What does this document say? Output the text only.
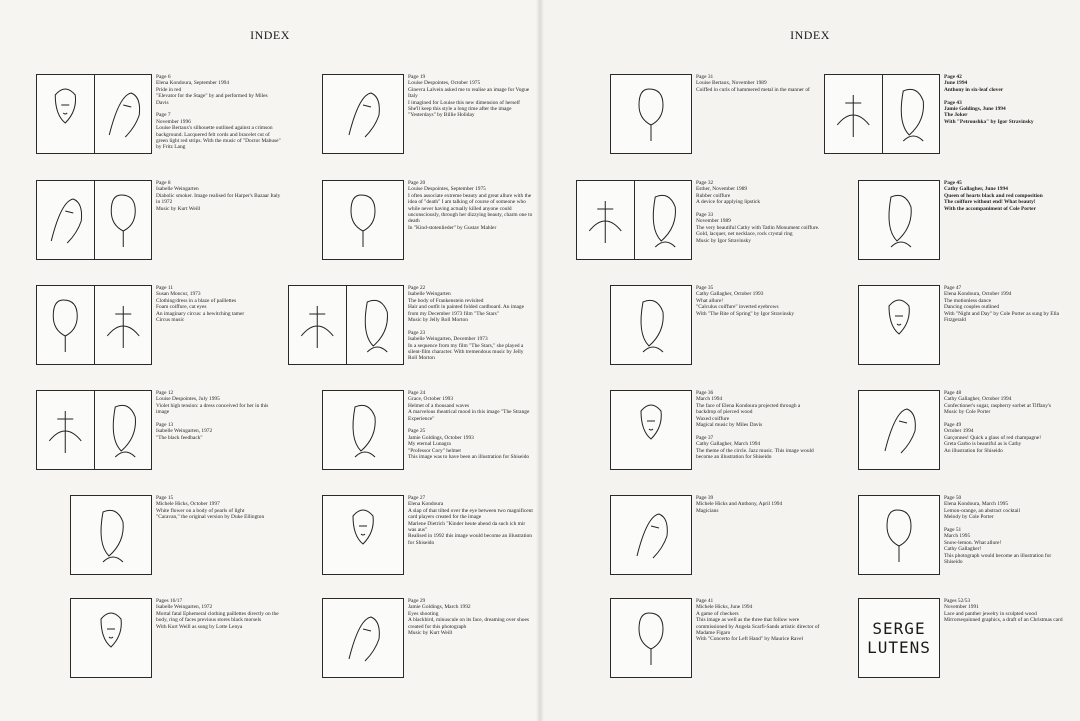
INDEX	INDEX
Page 6
Elena Kondoura, September 1994
Pride in red
"Elevator for the Stage" by and performed by Miles Davis

Page 7
November 1996
Louise Bertaux's silhouette outlined against a crimson background. Lacquered felt cords and bracelet cut of green light red strips. With the music of "Doctor Mabuse" by Fritz Lang
Page 8
Isabelle Weingarten
Diabolic smoker. Image realised for Harper's Bazaar Italy in 1972
Music by Kurt Weill
Page 11
Susan Moncur, 1973
Clothing/dress in a blaze of paillettes
Foam coiffure, cat eyes
An imaginary circus: a bewitching tamer
Circus music
Page 12
Louise Despointes, July 1995
Violet high tension: a dress conceived for her in this image

Page 13
Isabelle Weingarten, 1972
"The black feedback"
Page 15
Michele Hicks, October 1997
White flower on a body of pearls of light
"Caravan," the original version by Duke Ellington
Pages 16/17
Isabelle Weingarten, 1972
Mortal fatal Ephemeral clothing paillettes directly on the body, ring of faces previous stores black morsels
With Kurt Weill as sung by Lotte Lenya
Page 19
Louise Despointes, October 1975
Ginevra Lalvein asked me to realise an image for Vogue Italy
I imagined for Louise this new dimension of herself
She'll keep this style a long time after the image
"Yesterdays" by Billie Holiday
Page 20
Louise Despointes, September 1975
I often associate extreme beauty and great allure with the idea of "death" I am talking of course of someone who while never having actually killed anyone could unconsciously, through her dizzying beauty, charm one to death
In "Kind-stotenlieder" by Gustav Mahler
Page 22
Isabelle Weingarten
The body of Frankenstein revisited
Hair and outfit in painted folded cardboard. An image from my December 1973 film "The Stars"
Music by Jelly Roll Morton

Page 23
Isabelle Weingarten, December 1973
In a sequence from my film "The Stars," she played a silent-film character. With tremendous music by Jelly Roll Morton
Page 24
Grace, October 1993
Helmet of a thousand waves
A marvelous theatrical mood in this image "The Strange Experience"

Page 25
Jamie Goldings, October 1993
My eternal Lunagra
"Professor Cory" helmet
This image was to have been an illustration for Shiseido
Page 27
Elena Kondoura
A slap of that tilted over the eye between two magnificent card players created for the image
Marlene Dietrich "Kinder heute abend da such ich mir was aus"
Realised in 1992 this image would become an illustration for Shiseido
Page 29
Jamie Goldings, March 1992
Eyes shooting
A blackbird, minuscule on its face, dreaming over shoes created for this photograph
Music by Kurt Weill
Page 31
Louise Bertaux, November 1989
Coiffed in curls of hammered metal in the manner of
Page 32
Esther, November 1989
Rubber coiffure
A device for applying lipstick

Page 33
November 1989
The very beautiful Cathy with Tatlin Monument coiffure. Gold, lacquer, net necklace, rock crystal ring
Music by Igor Stravinsky
Page 35
Cathy Gallagher, October 1993
What allure!
"Calculus coiffure" inverted eyebrows
With "The Rite of Spring" by Igor Stravinsky
Page 36
March 1994
The face of Elena Kondoura projected through a backdrop of pierced wood
Waxed coiffure
Magical music by Miles Davis

Page 37
Cathy Gallagher, March 1994
The theme of the circle. Jazz music. This image would become an illustration for Shiseido
Page 39
Michele Hicks and Anthony, April 1994
Magicians
Page 41
Michele Hicks, June 1994
A game of checkers
This image as well as the three that follow were commissioned by Angela Scarfi-Sands artistic director of Madame Figaro
With "Concerto for Left Hand" by Maurice Ravel
Page 42
June 1994
Anthony in six-leaf clover

Page 43
Jamie Goldings, June 1994
The Joker
With "Petroushka" by Igor Stravinsky
Page 45
Cathy Gallagher, June 1994
Queen of hearts black and red composition
The coiffure without end! What beauty!
With the accompaniment of Cole Porter
Page 47
Elena Kondoura, October 1994
The motionless dance
Dancing couples outlined
With "Night and Day" by Cole Porter as sung by Ella Fitzgerald
Page 48
Cathy Gallagher, October 1994
Confectioner's sugar, raspberry sorbet at Tiffany's
Music by Cole Porter

Page 49
October 1994
Garçonnes! Quick a glass of red champagne!
Greta Garbo is beautiful as is Cathy
An illustration for Shiseido
Page 50
Elena Kondoura, March 1995
Lemon-orange, an abstract cocktail
Melody by Cole Porter

Page 51
March 1995
Snow-lemon. What allure!
Cathy Gallagher!
This photograph would become an illustration for Shiseido
SERGE
LUTENS
Pages 52/53
November 1991
Lace and panther jewelry in sculpted wood
Mirrorsequinned graphics, a draft of an Christmas card
